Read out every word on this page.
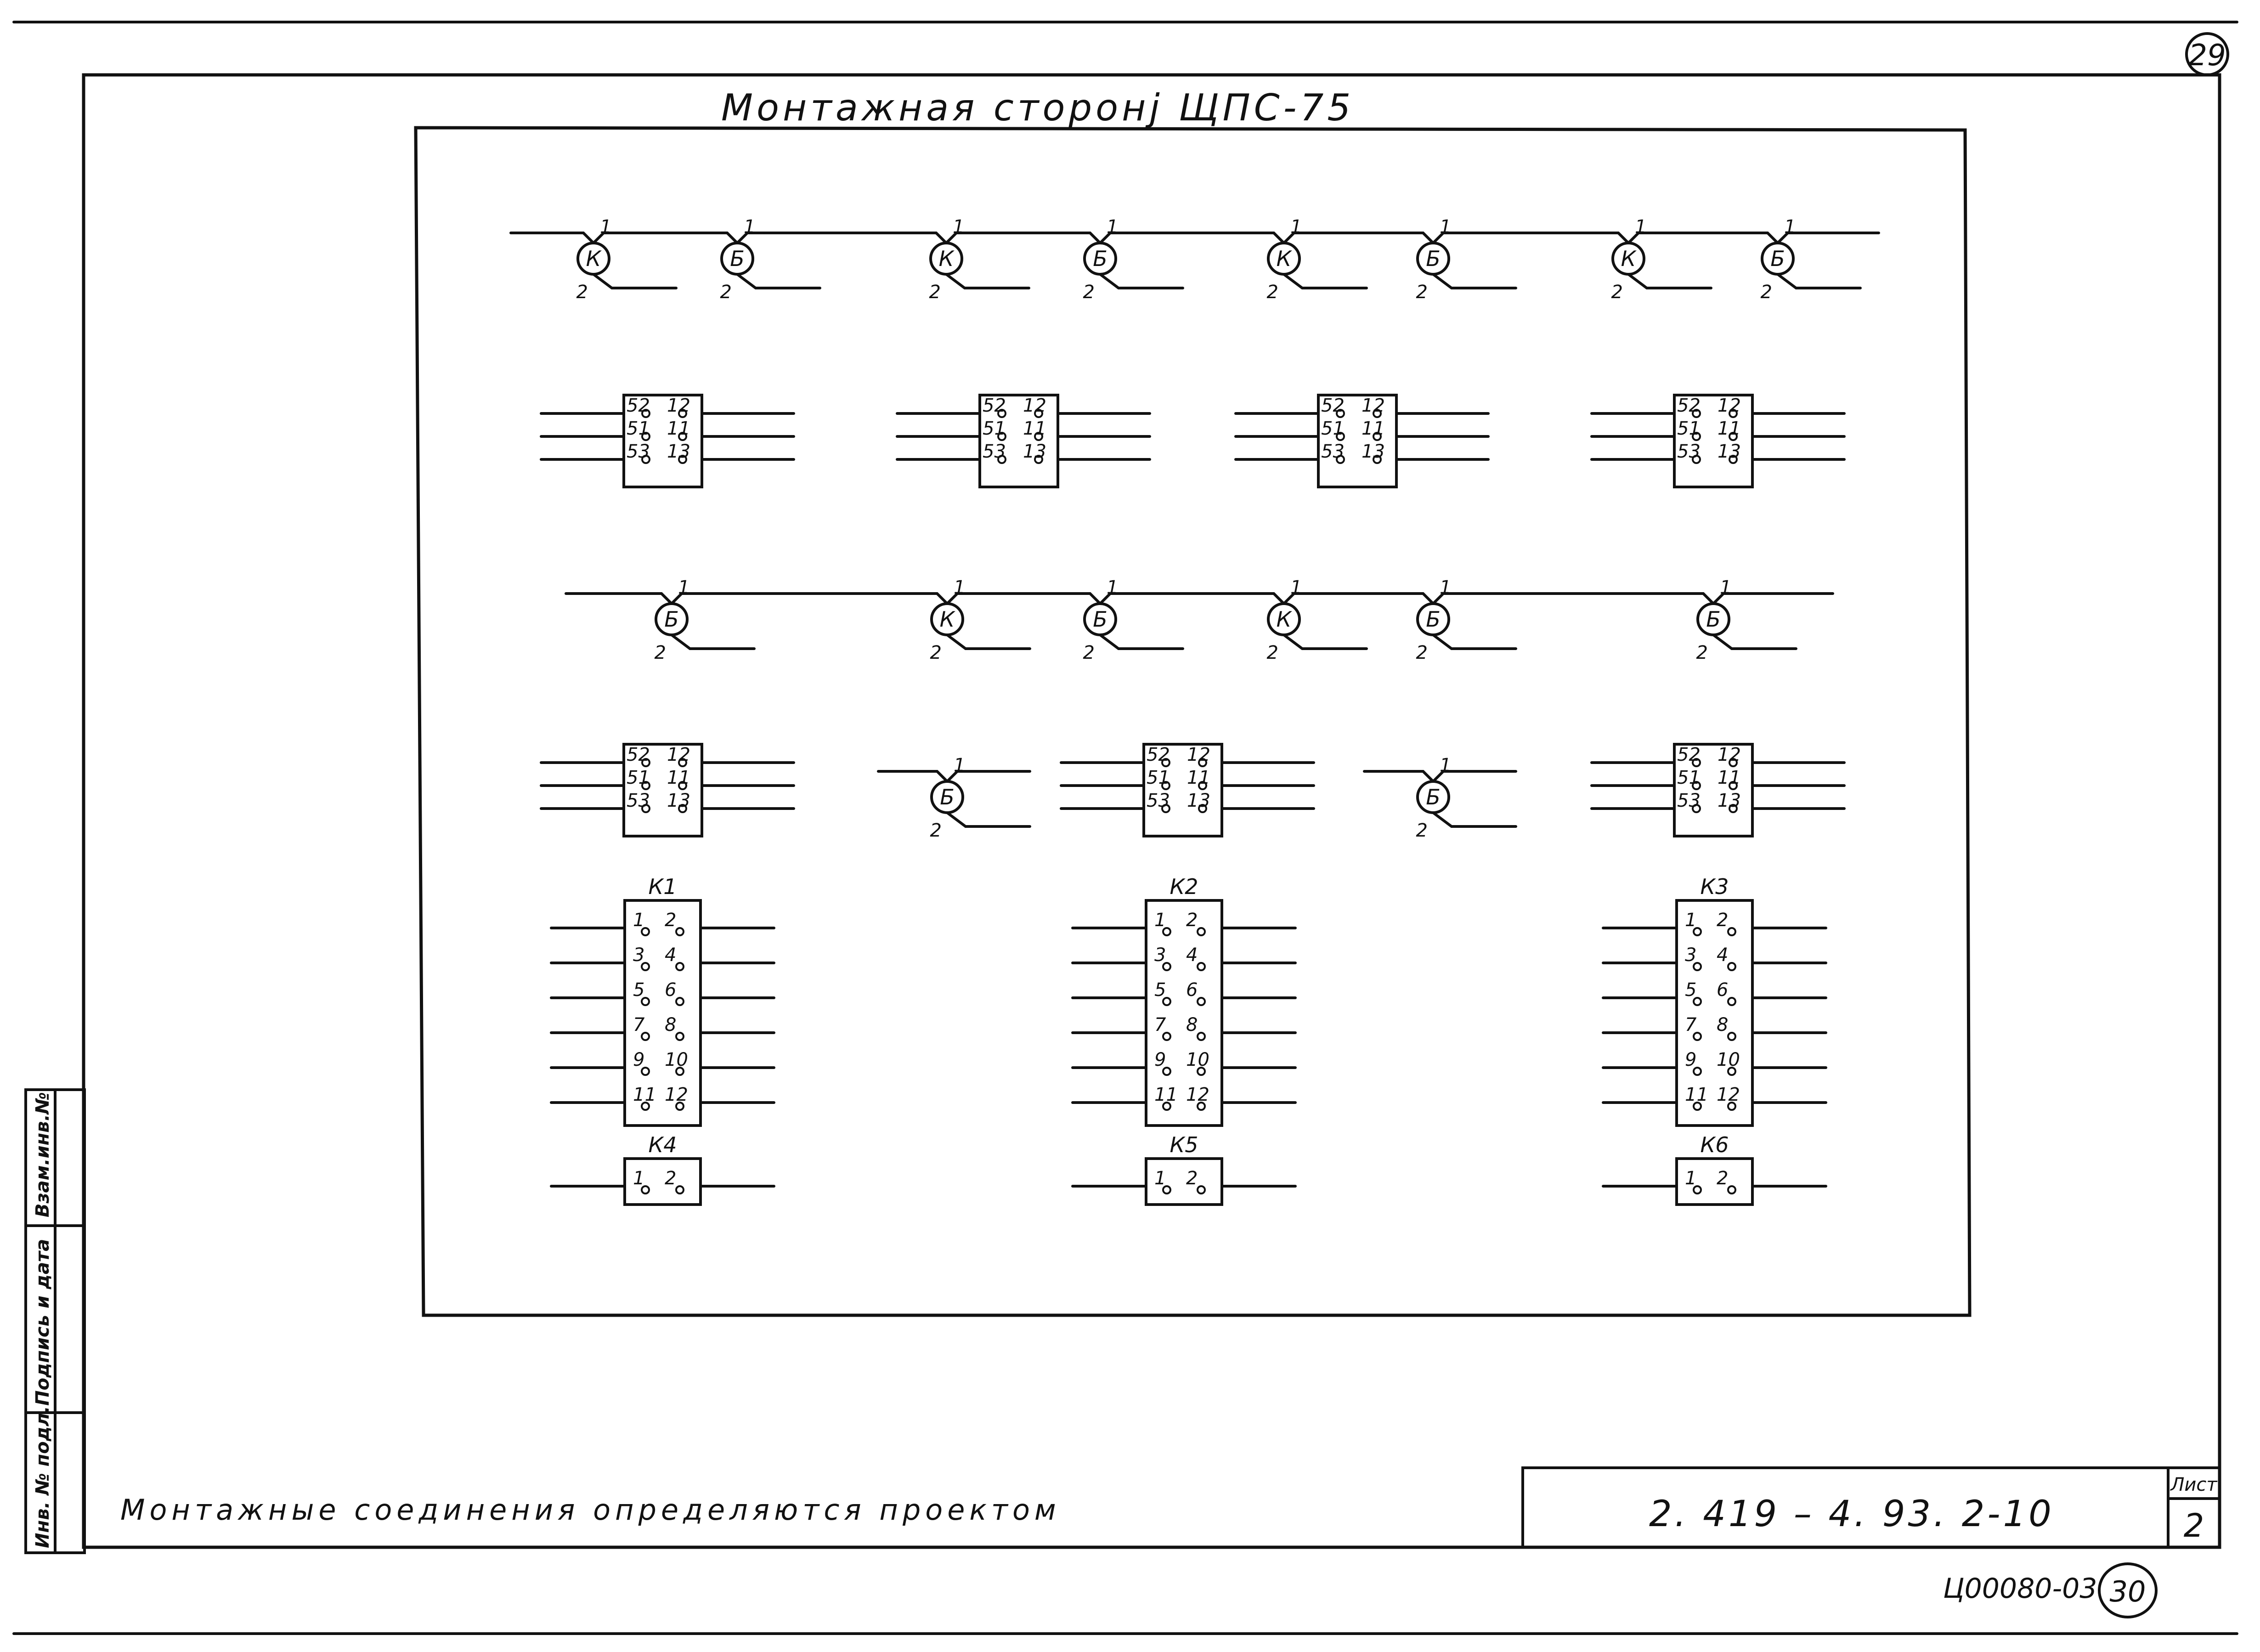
29
Монтажная сторонј ЩПС-75
К
1
2
Б
1
2
К
1
2
Б
1
2
К
1
2
Б
1
2
К
1
2
Б
1
2
52 12
51 11
53 13
52 12
51 11
53 13
52 12
51 11
53 13
52 12
51 11
53 13
Б
1
2
К
1
2
Б
1
2
К
1
2
Б
1
2
Б
1
2
52 12
51 11
53 13
52 12
51 11
53 13
52 12
51 11
53 13
Б
1
2
Б
1
2
1 2
3 4
5 6
7 8
9 10
11 12
К1
1 2
3 4
5 6
7 8
9 10
11 12
К2
1 2
3 4
5 6
7 8
9 10
11 12
К3
1 2
К4
1 2
К5
1 2
К6
Взам.инв.№
Подпись и дата
Инв. № подл. Монтажные соединения определяются проектом	2. 419 – 4. 93. 2-10
Лист
2
Ц00080-03 30
